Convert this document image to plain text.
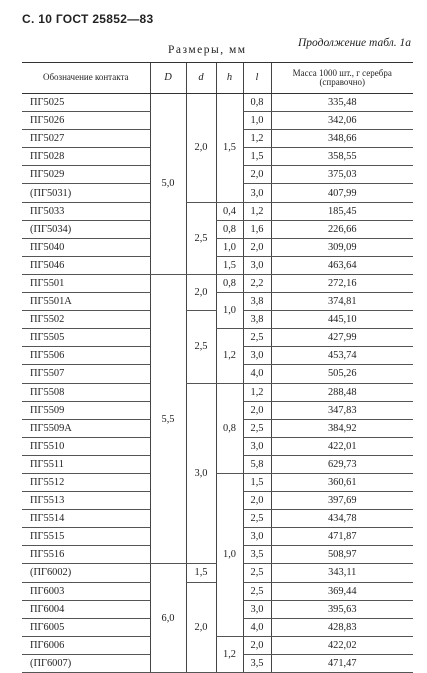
С. 10 ГОСТ 25852—83
Продолжение табл. 1а
Размеры, мм
Обозначение контакта	D	d	h	l	Масса 1000 шт., г серебра (справочно)
ПГ5025	5,0	2,0	1,5	0,8	335,48
ПГ5026				1,0	342,06
ПГ5027				1,2	348,66
ПГ5028				1,5	358,55
ПГ5029				2,0	375,03
(ПГ5031)				3,0	407,99
ПГ5033		2,5	0,4	1,2	185,45
(ПГ5034)			0,8	1,6	226,66
ПГ5040			1,0	2,0	309,09
ПГ5046			1,5	3,0	463,64
ПГ5501	5,5	2,0	0,8	2,2	272,16
ПГ5501А			1,0	3,8	374,81
ПГ5502		2,5		3,8	445,10
ПГ5505			1,2	2,5	427,99
ПГ5506				3,0	453,74
ПГ5507				4,0	505,26
ПГ5508		3,0	0,8	1,2	288,48
ПГ5509				2,0	347,83
ПГ5509А				2,5	384,92
ПГ5510				3,0	422,01
ПГ5511				5,8	629,73
ПГ5512			1,0	1,5	360,61
ПГ5513				2,0	397,69
ПГ5514				2,5	434,78
ПГ5515				3,0	471,87
ПГ5516				3,5	508,97
(ПГ6002)	6,0	1,5		2,5	343,11
ПГ6003		2,0		2,5	369,44
ПГ6004				3,0	395,63
ПГ6005				4,0	428,83
ПГ6006			1,2	2,0	422,02
(ПГ6007)				3,5	471,47
